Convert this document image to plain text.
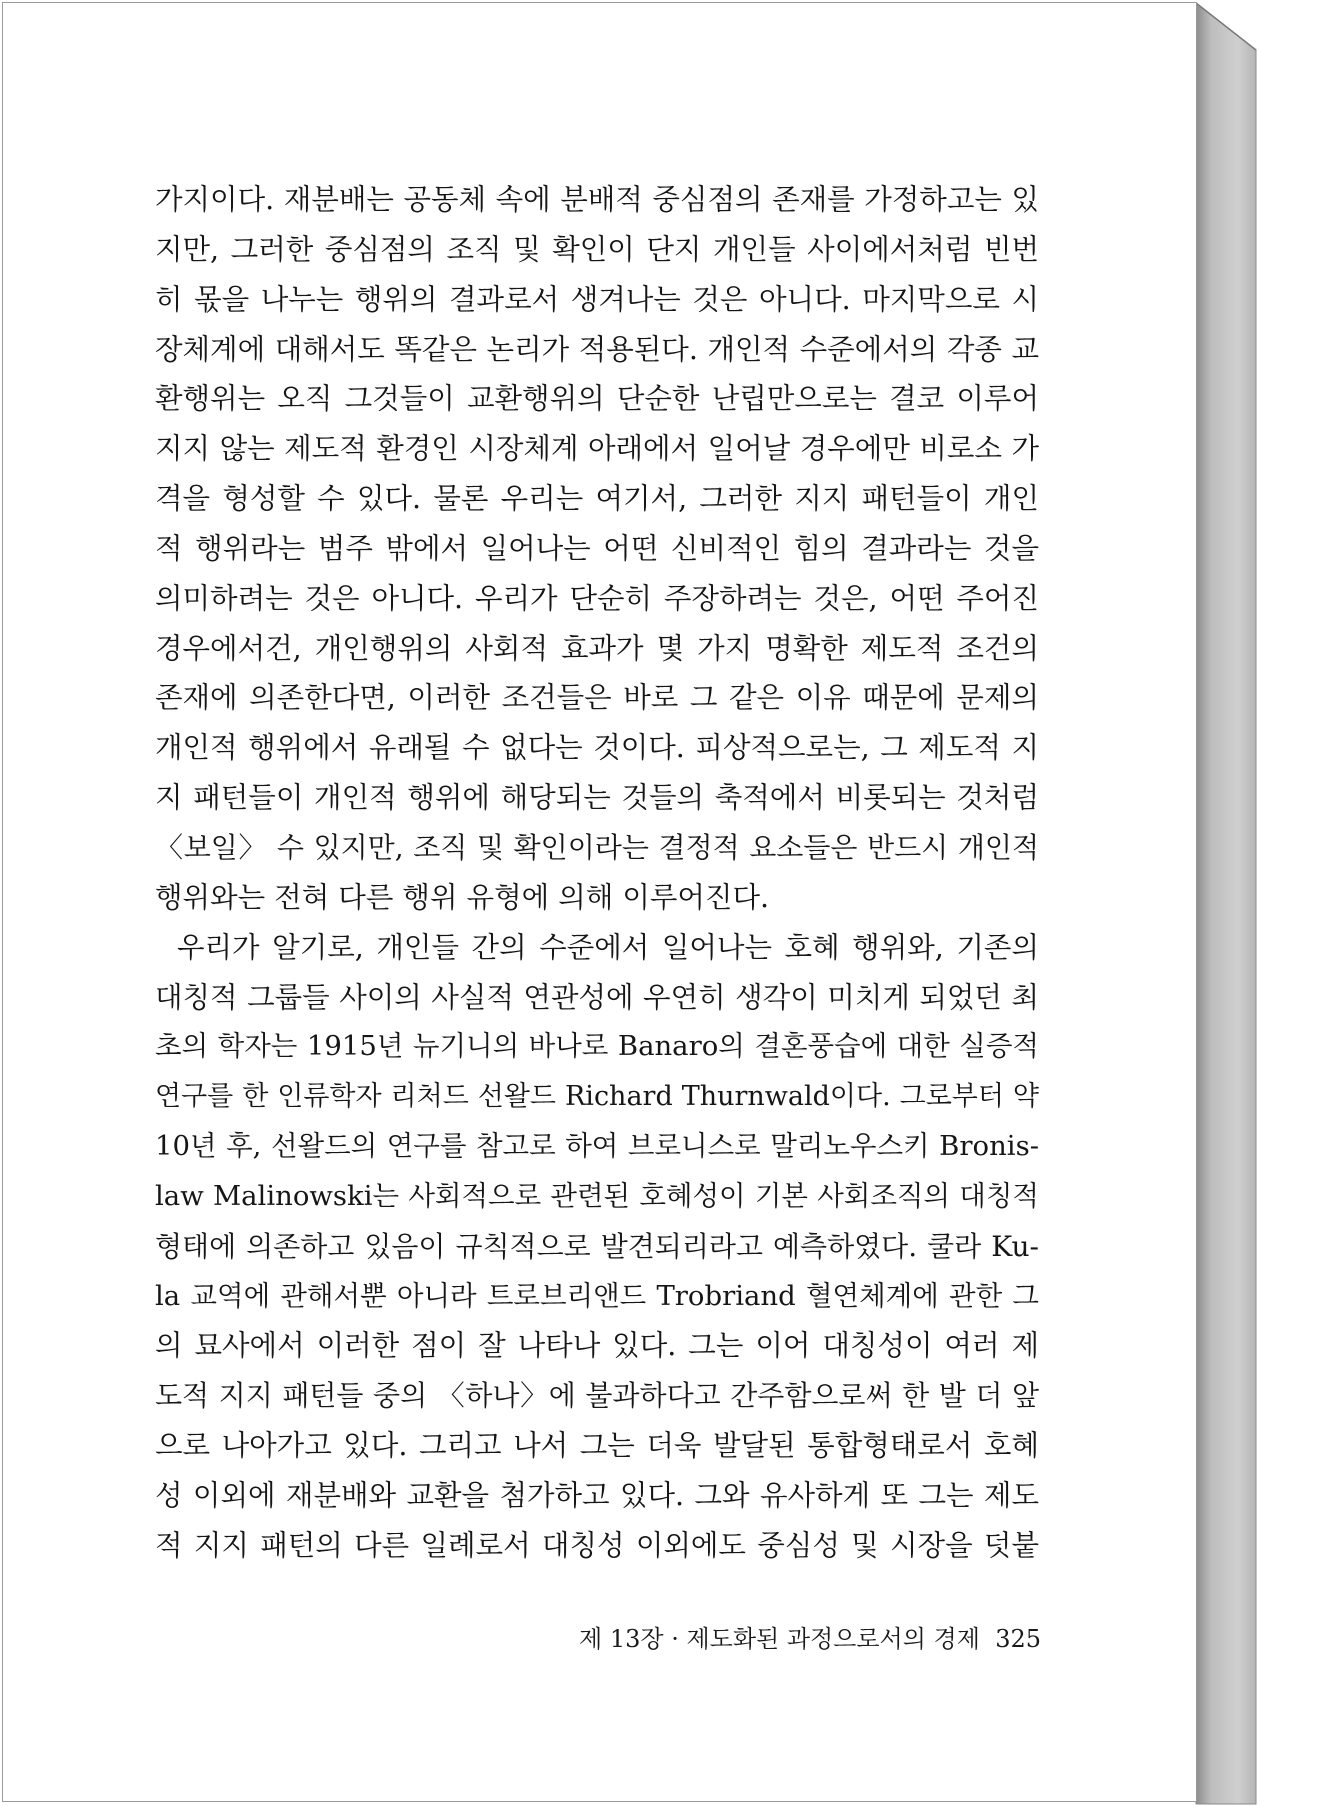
가지이다. 재분배는 공동체 속에 분배적 중심점의 존재를 가정하고는 있
지만, 그러한 중심점의 조직 및 확인이 단지 개인들 사이에서처럼 빈번
히 몫을 나누는 행위의 결과로서 생겨나는 것은 아니다. 마지막으로 시
장체계에 대해서도 똑같은 논리가 적용된다. 개인적 수준에서의 각종 교
환행위는 오직 그것들이 교환행위의 단순한 난립만으로는 결코 이루어
지지 않는 제도적 환경인 시장체계 아래에서 일어날 경우에만 비로소 가
격을 형성할 수 있다. 물론 우리는 여기서, 그러한 지지 패턴들이 개인
적 행위라는 범주 밖에서 일어나는 어떤 신비적인 힘의 결과라는 것을
의미하려는 것은 아니다. 우리가 단순히 주장하려는 것은, 어떤 주어진
경우에서건, 개인행위의 사회적 효과가 몇 가지 명확한 제도적 조건의
존재에 의존한다면, 이러한 조건들은 바로 그 같은 이유 때문에 문제의
개인적 행위에서 유래될 수 없다는 것이다. 피상적으로는, 그 제도적 지
지 패턴들이 개인적 행위에 해당되는 것들의 축적에서 비롯되는 것처럼
〈보일〉 수 있지만, 조직 및 확인이라는 결정적 요소들은 반드시 개인적
행위와는 전혀 다른 행위 유형에 의해 이루어진다.
우리가 알기로, 개인들 간의 수준에서 일어나는 호혜 행위와, 기존의
대칭적 그룹들 사이의 사실적 연관성에 우연히 생각이 미치게 되었던 최
초의 학자는 1915년 뉴기니의 바나로 Banaro의 결혼풍습에 대한 실증적
연구를 한 인류학자 리처드 선왈드 Richard Thurnwald이다. 그로부터 약
10년 후, 선왈드의 연구를 참고로 하여 브로니스로 말리노우스키 Bronis-
law Malinowski는 사회적으로 관련된 호혜성이 기본 사회조직의 대칭적
형태에 의존하고 있음이 규칙적으로 발견되리라고 예측하였다. 쿨라 Ku-
la 교역에 관해서뿐 아니라 트로브리앤드 Trobriand 혈연체계에 관한 그
의 묘사에서 이러한 점이 잘 나타나 있다. 그는 이어 대칭성이 여러 제
도적 지지 패턴들 중의 〈하나〉에 불과하다고 간주함으로써 한 발 더 앞
으로 나아가고 있다. 그리고 나서 그는 더욱 발달된 통합형태로서 호혜
성 이외에 재분배와 교환을 첨가하고 있다. 그와 유사하게 또 그는 제도
적 지지 패턴의 다른 일례로서 대칭성 이외에도 중심성 및 시장을 덧붙
제 13장 · 제도화된 과정으로서의 경제 325
